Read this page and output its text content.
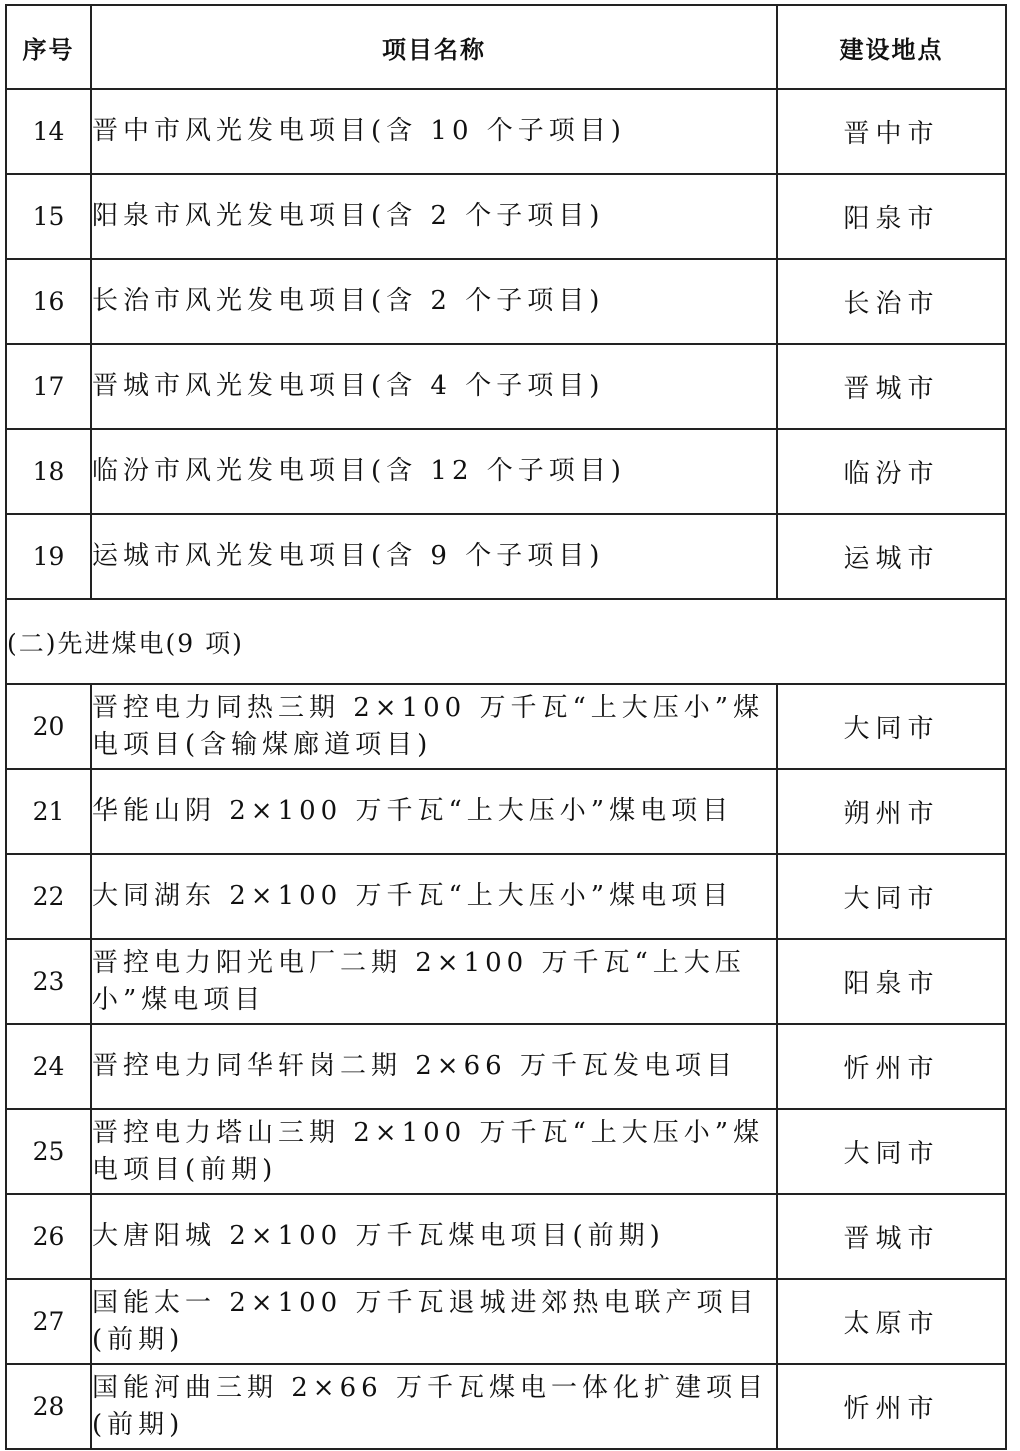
序号	项目名称	建设地点
14	晋中市风光发电项目(含 10 个子项目)	晋中市
15	阳泉市风光发电项目(含 2 个子项目)	阳泉市
16	长治市风光发电项目(含 2 个子项目)	长治市
17	晋城市风光发电项目(含 4 个子项目)	晋城市
18	临汾市风光发电项目(含 12 个子项目)	临汾市
19	运城市风光发电项目(含 9 个子项目)	运城市
(二)先进煤电(9 项)		
20	晋控电力同热三期 2×100 万千瓦“上大压小”煤电项目(含输煤廊道项目)	大同市
21	华能山阴 2×100 万千瓦“上大压小”煤电项目	朔州市
22	大同湖东 2×100 万千瓦“上大压小”煤电项目	大同市
23	晋控电力阳光电厂二期 2×100 万千瓦“上大压小”煤电项目	阳泉市
24	晋控电力同华轩岗二期 2×66 万千瓦发电项目	忻州市
25	晋控电力塔山三期 2×100 万千瓦“上大压小”煤电项目(前期)	大同市
26	大唐阳城 2×100 万千瓦煤电项目(前期)	晋城市
27	国能太一 2×100 万千瓦退城进郊热电联产项目(前期)	太原市
28	国能河曲三期 2×66 万千瓦煤电一体化扩建项目(前期)	忻州市
